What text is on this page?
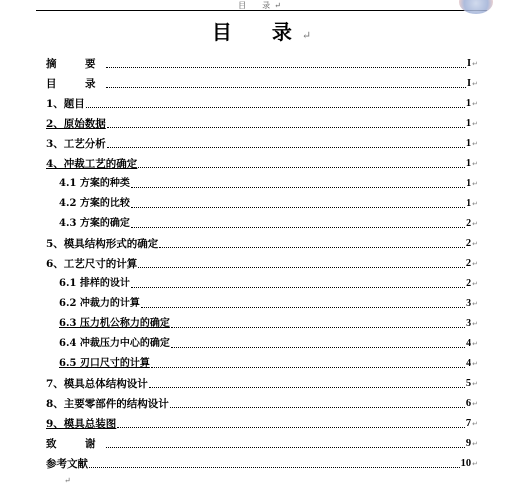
目　录↵
目　录↵
摘　要	I↵
目　录	I↵
1、题目	1↵
2、原始数据	1↵
3、工艺分析	1↵
4、冲裁工艺的确定	1↵
4.1 方案的种类	1↵
4.2 方案的比较	1↵
4.3 方案的确定	2↵
5、模具结构形式的确定	2↵
6、工艺尺寸的计算	2↵
6.1 排样的设计	2↵
6.2 冲裁力的计算	3↵
6.3 压力机公称力的确定	3↵
6.4 冲裁压力中心的确定	4↵
6.5 刃口尺寸的计算	4↵
7、模具总体结构设计	5↵
8、主要零部件的结构设计	6↵
9、模具总装图	7↵
致　谢	9↵
参考文献	10↵
↵
